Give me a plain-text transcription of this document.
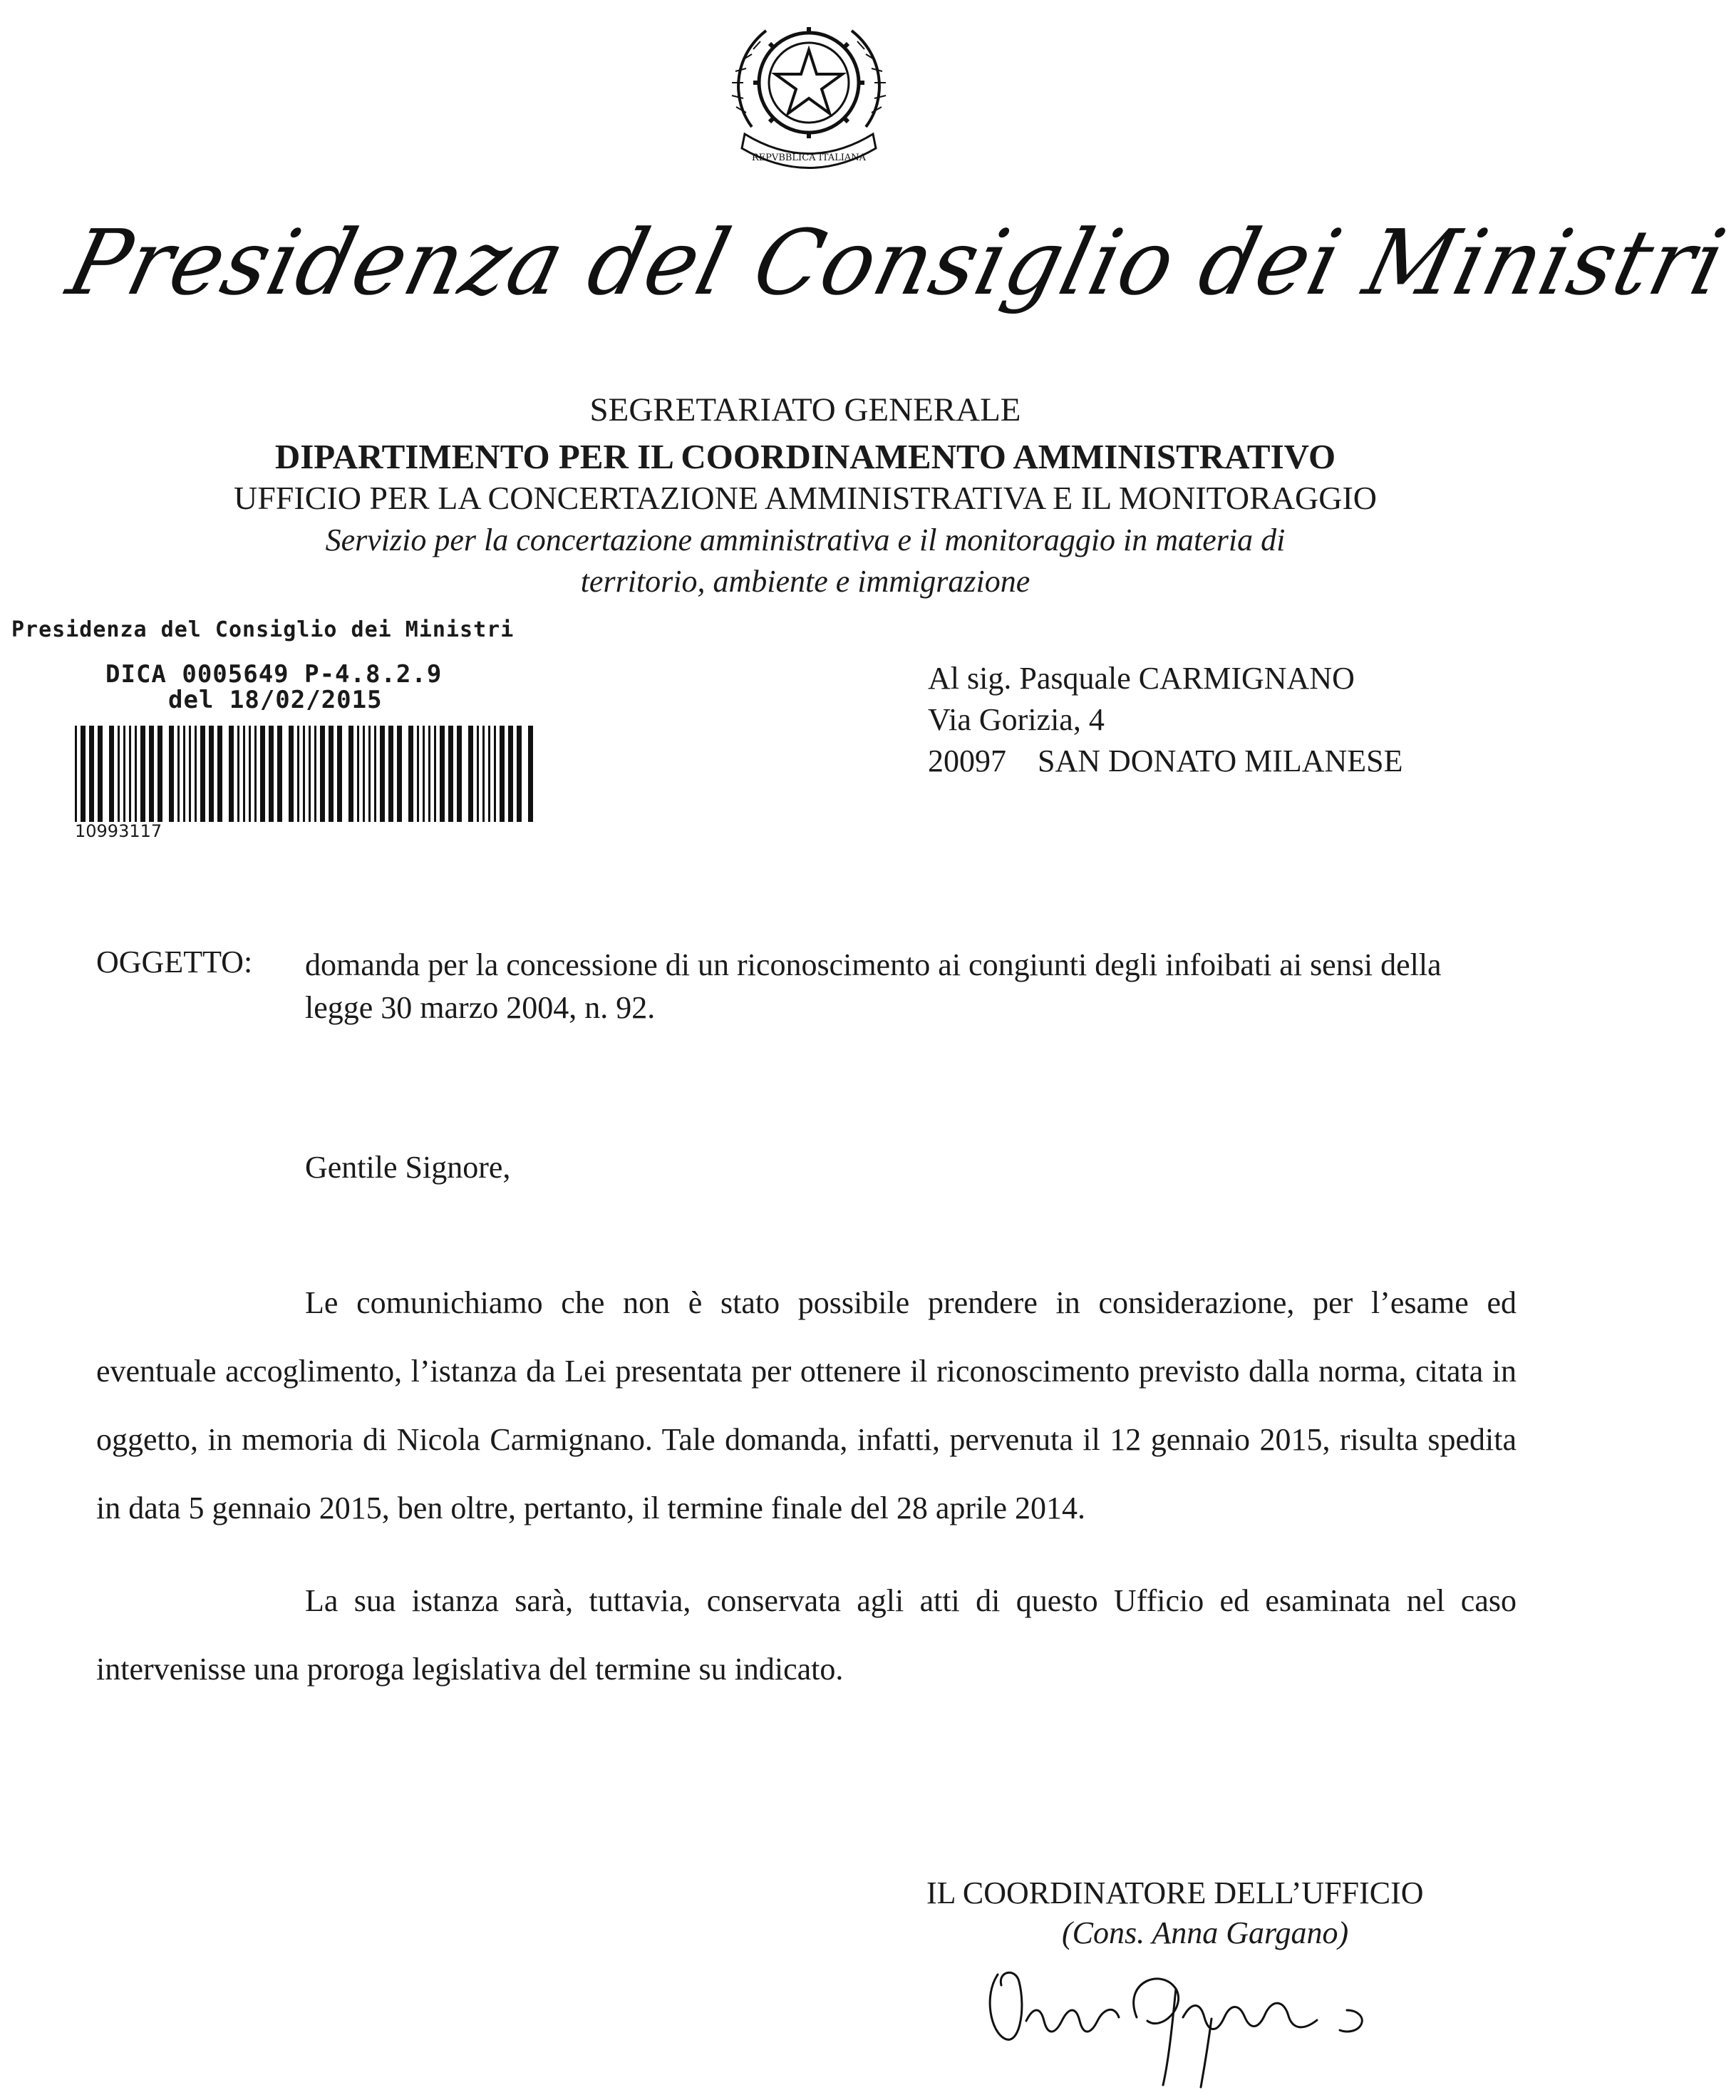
REPVBBLICA ITALIANA
Presidenza del Consiglio dei Ministri
SEGRETARIATO GENERALE
DIPARTIMENTO PER IL COORDINAMENTO AMMINISTRATIVO
UFFICIO PER LA CONCERTAZIONE AMMINISTRATIVA E IL MONITORAGGIO
Servizio per la concertazione amministrativa e il monitoraggio in materia di
territorio, ambiente e immigrazione
Presidenza del Consiglio dei Ministri
DICA 0005649 P-4.8.2.9
del 18/02/2015
10993117
Al sig. Pasquale CARMIGNANO
Via Gorizia, 4
20097 SAN DONATO MILANESE
OGGETTO: domanda per la concessione di un riconoscimento ai congiunti degli infoibati ai sensi della legge 30 marzo 2004, n. 92.
Gentile Signore,
Le comunichiamo che non è stato possibile prendere in considerazione, per l’esame ed eventuale accoglimento, l’istanza da Lei presentata per ottenere il riconoscimento previsto dalla norma, citata in oggetto, in memoria di Nicola Carmignano. Tale domanda, infatti, pervenuta il 12 gennaio 2015, risulta spedita in data 5 gennaio 2015, ben oltre, pertanto, il termine finale del 28 aprile 2014.
La sua istanza sarà, tuttavia, conservata agli atti di questo Ufficio ed esaminata nel caso intervenisse una proroga legislativa del termine su indicato.
IL COORDINATORE DELL’UFFICIO
(Cons. Anna Gargano)
Anna Gargano
